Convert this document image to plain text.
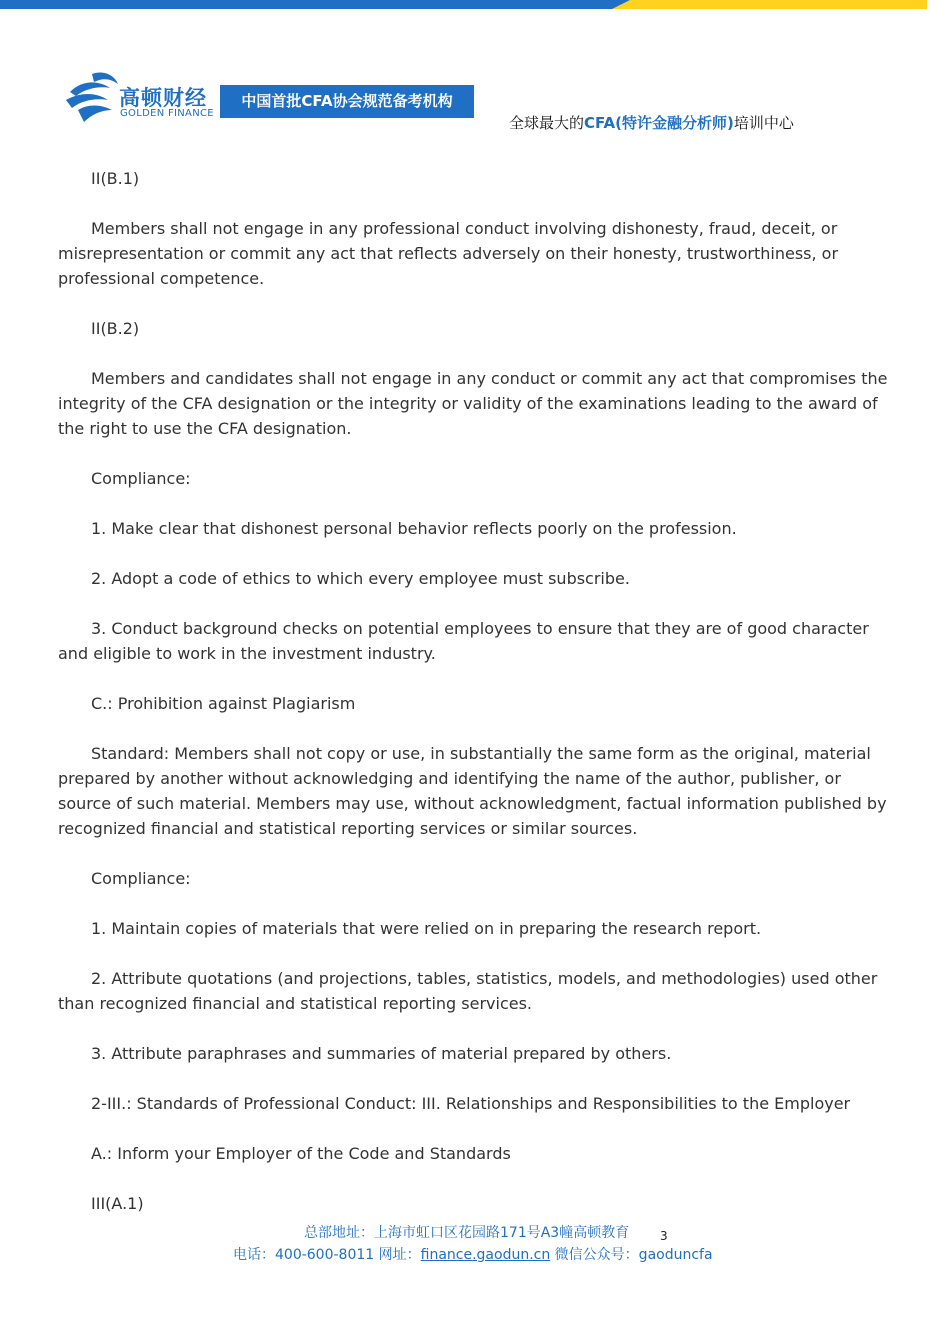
高顿财经
GOLDEN FINANCE
中国首批CFA协会规范备考机构
全球最大的CFA(特许金融分析师)培训中心

II(B.1)

Members shall not engage in any professional conduct involving dishonesty, fraud, deceit, or misrepresentation or commit any act that reflects adversely on their honesty, trustworthiness, or professional competence.

II(B.2)

Members and candidates shall not engage in any conduct or commit any act that compromises the integrity of the CFA designation or the integrity or validity of the examinations leading to the award of the right to use the CFA designation.

Compliance:

1. Make clear that dishonest personal behavior reflects poorly on the profession.

2. Adopt a code of ethics to which every employee must subscribe.

3. Conduct background checks on potential employees to ensure that they are of good character and eligible to work in the investment industry.

C.: Prohibition against Plagiarism

Standard: Members shall not copy or use, in substantially the same form as the original, material prepared by another without acknowledging and identifying the name of the author, publisher, or source of such material. Members may use, without acknowledgment, factual information published by recognized financial and statistical reporting services or similar sources.

Compliance:

1. Maintain copies of materials that were relied on in preparing the research report.

2. Attribute quotations (and projections, tables, statistics, models, and methodologies) used other than recognized financial and statistical reporting services.

3. Attribute paraphrases and summaries of material prepared by others.

2-III.: Standards of Professional Conduct: III. Relationships and Responsibilities to the Employer

A.: Inform your Employer of the Code and Standards

III(A.1)

总部地址：上海市虹口区花园路171号A3幢高顿教育	3
电话：400-600-8011 网址：finance.gaodun.cn 微信公众号：gaoduncfa
